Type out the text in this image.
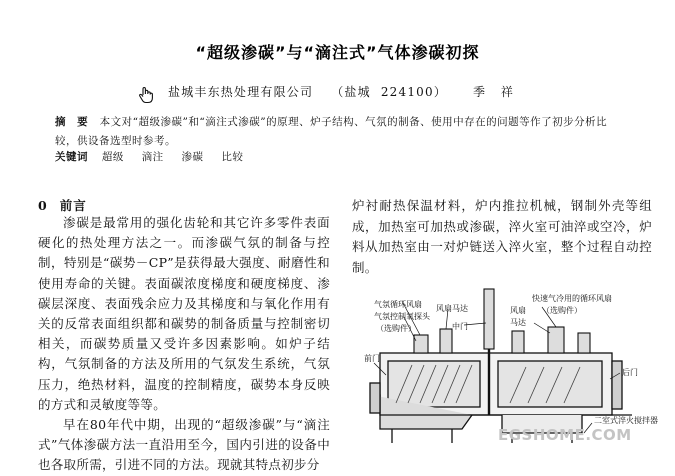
“超级渗碳”与“滴注式”气体渗碳初探
盐城丰东热处理有限公司 （盐城 224100） 季 祥
摘 要 本文对“超级渗碳”和“滴注式渗碳”的原理、炉子结构、气氛的制备、使用中存在的问题等作了初步分析比较，供设备选型时参考。
关键词 超级 滴注 渗碳 比较
0 前言

渗碳是最常用的强化齿轮和其它许多零件表面硬化的热处理方法之一。而渗碳气氛的制备与控制，特别是“碳势－CP”是获得最大强度、耐磨性和使用寿命的关键。表面碳浓度梯度和硬度梯度、渗碳层深度、表面残余应力及其梯度和与氧化作用有关的反常表面组织都和碳势的制备质量与控制密切相关，而碳势质量又受许多因素影响。如炉子结构，气氛制备的方法及所用的气氛发生系统，气氛压力，绝热材料，温度的控制精度，碳势本身反映的方式和灵敏度等等。

早在80年代中期，出现的“超级渗碳”与“滴注式”气体渗碳方法一直沿用至今，国内引进的设备中也各取所需，引进不同的方法。现就其特点初步分

炉衬耐热保温材料，炉内推拉机械，钢制外壳等组成，加热室可加热或渗碳，淬火室可油淬或空冷，炉料从加热室由一对炉链送入淬火室，整个过程自动控制。

气氛循环风扇
气氛控制氧探头
（选购件）
风扇马达
快速气冷用的循环风扇
（选购件）
风扇
马达
中门
前门
后门
二室式淬火搅拌器
EGSHOME.COM
